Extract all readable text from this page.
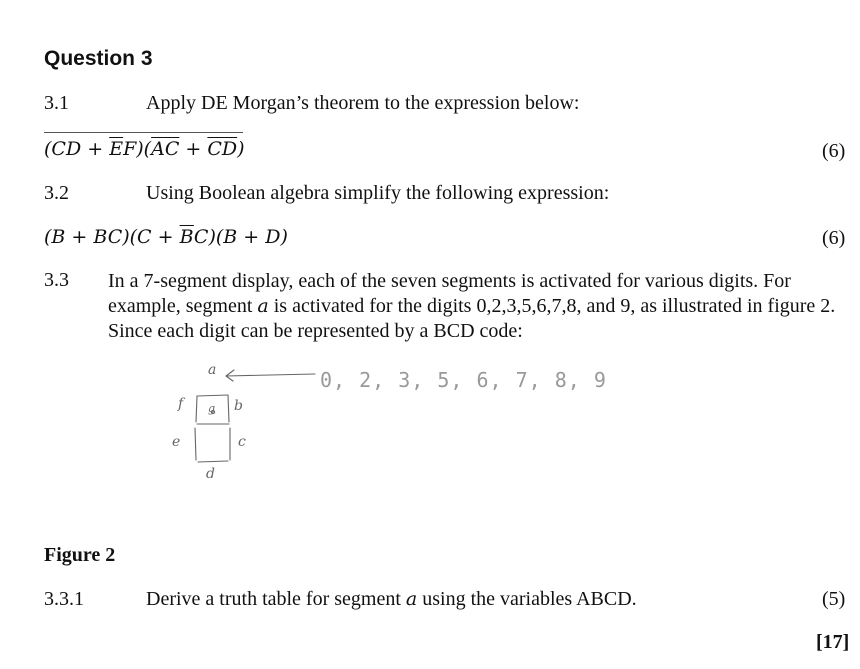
Question 3
3.1	Apply DE Morgan’s theorem to the expression below:
$(CD + \overline{E}F)(\overline{AC} + \overline{CD})$	(6)
3.2	Using Boolean algebra simplify the following expression:
$(B + BC)(C + \overline{B}C)(B + D)$	(6)
3.3 In a 7-segment display, each of the seven segments is activated for various digits. For example, segment a is activated for the digits 0,2,3,5,6,7,8, and 9, as illustrated in figure 2. Since each digit can be represented by a BCD code:
a
b
c
d
e
f g
0, 2, 3, 5, 6, 7, 8, 9
Figure 2
3.3.1	Derive a truth table for segment a using the variables ABCD.	(5)
[17]
